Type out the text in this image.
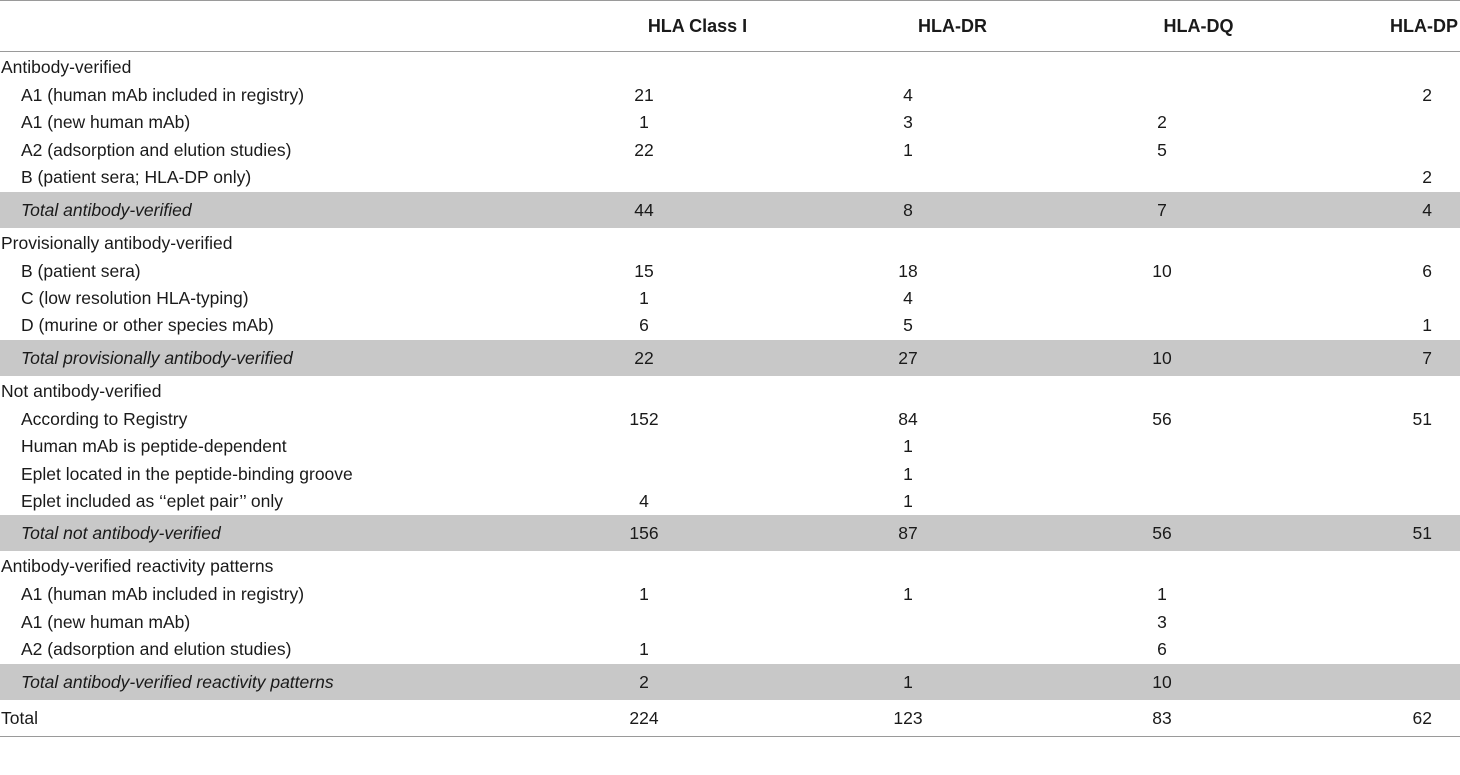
	HLA Class I	HLA-DR	HLA-DQ	HLA-DP
Antibody-verified				
A1 (human mAb included in registry)	21	4		2
A1 (new human mAb)	1	3	2	
A2 (adsorption and elution studies)	22	1	5	
B (patient sera; HLA-DP only)				2
Total antibody-verified	44	8	7	4
Provisionally antibody-verified				
B (patient sera)	15	18	10	6
C (low resolution HLA-typing)	1	4		
D (murine or other species mAb)	6	5		1
Total provisionally antibody-verified	22	27	10	7
Not antibody-verified				
According to Registry	152	84	56	51
Human mAb is peptide-dependent		1		
Eplet located in the peptide-binding groove		1		
Eplet included as ‘‘eplet pair’’ only	4	1		
Total not antibody-verified	156	87	56	51
Antibody-verified reactivity patterns				
A1 (human mAb included in registry)	1	1	1	
A1 (new human mAb)			3	
A2 (adsorption and elution studies)	1		6	
Total antibody-verified reactivity patterns	2	1	10	
Total	224	123	83	62
